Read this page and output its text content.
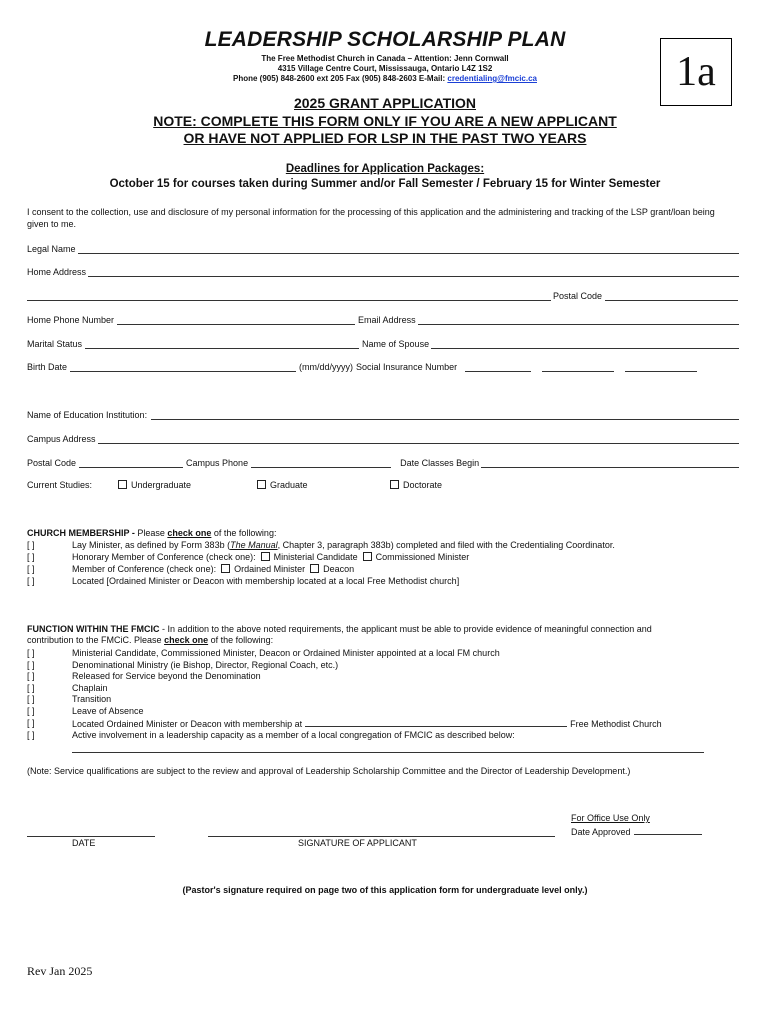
LEADERSHIP SCHOLARSHIP PLAN
The Free Methodist Church in Canada – Attention: Jenn Cornwall
4315 Village Centre Court, Mississauga, Ontario L4Z 1S2
Phone (905) 848-2600 ext 205 Fax (905) 848-2603 E-Mail: credentialing@fmcic.ca	1a
2025 GRANT APPLICATION
NOTE: COMPLETE THIS FORM ONLY IF YOU ARE A NEW APPLICANT
OR HAVE NOT APPLIED FOR LSP IN THE PAST TWO YEARS
Deadlines for Application Packages:
October 15 for courses taken during Summer and/or Fall Semester / February 15 for Winter Semester
I consent to the collection, use and disclosure of my personal information for the processing of this application and the administering and tracking of the LSP grant/loan being given to me.
Legal Name
Home Address
Postal Code
Home Phone Number	Email Address
Marital Status	Name of Spouse
Birth Date	(mm/dd/yyyy) Social Insurance Number
Name of Education Institution:
Campus Address
Postal Code	Campus Phone	Date Classes Begin
Current Studies:	Undergraduate	Graduate	Doctorate
CHURCH MEMBERSHIP - Please check one of the following:
[ ]	Lay Minister, as defined by Form 383b (The Manual, Chapter 3, paragraph 383b) completed and filed with the Credentialing Coordinator.
[ ]	Honorary Member of Conference (check one): Ministerial Candidate Commissioned Minister
[ ]	Member of Conference (check one): Ordained Minister Deacon
[ ]	Located [Ordained Minister or Deacon with membership located at a local Free Methodist church]
FUNCTION WITHIN THE FMCIC - In addition to the above noted requirements, the applicant must be able to provide evidence of meaningful connection and
contribution to the FMCiC. Please check one of the following:
[ ]	Ministerial Candidate, Commissioned Minister, Deacon or Ordained Minister appointed at a local FM church
[ ]	Denominational Ministry (ie Bishop, Director, Regional Coach, etc.)
[ ]	Released for Service beyond the Denomination
[ ]	Chaplain
[ ]	Transition
[ ]	Leave of Absence
[ ]	Located Ordained Minister or Deacon with membership at	Free Methodist Church
[ ]	Active involvement in a leadership capacity as a member of a local congregation of FMCIC as described below:
(Note: Service qualifications are subject to the review and approval of Leadership Scholarship Committee and the Director of Leadership Development.)
For Office Use Only
Date Approved
DATE	SIGNATURE OF APPLICANT
(Pastor's signature required on page two of this application form for undergraduate level only.)
Rev Jan 2025
